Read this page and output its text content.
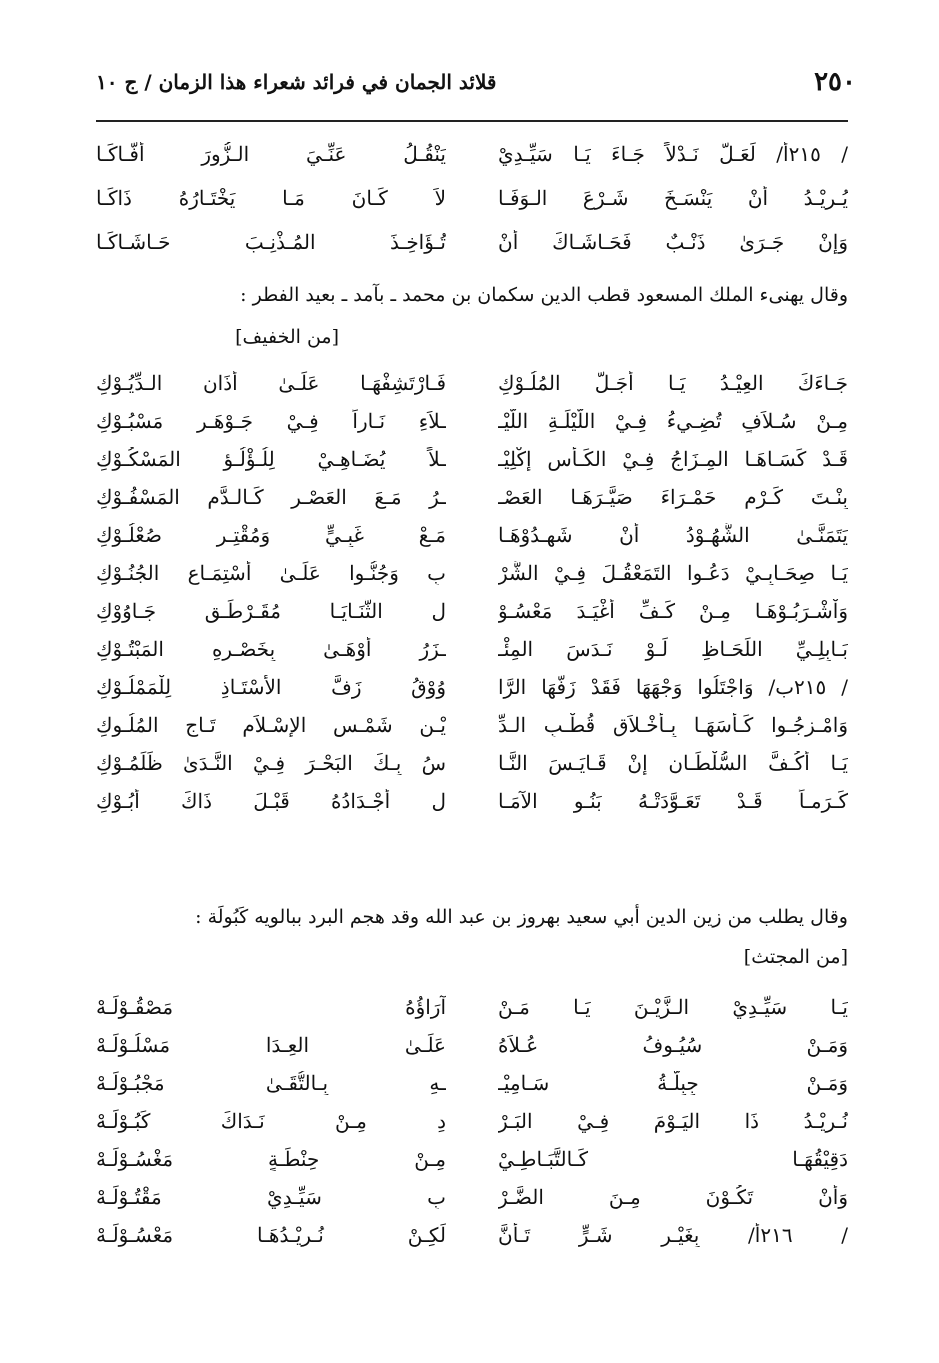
٢٥٠
قلائد الجمان في فرائد شعراء هذا الزمان / ج ١٠
/ ٢١٥أ/ لَعَـلَّ نَـدْلاً جَـاءَ يَـا سَيِّـدِيْ
يَنْقُـلُ عَنِّـيَ الـزُّورَ أَفَّـاكَـا
يُـرِيْـدُ أَنْ يَنْسَـخَ شَـرْعَ الـوَفَـا
لاَ كَـانَ مَـا يَخْتَـارُهُ ذَاكَـا
وَإِنْ جَـرَىٰ ذَنْـبٌ فَحَـاشَـاكَ أَنْ
تُـؤَاخِـذَ المُـذْنِـبَ حَـاشَـاكَـا
وقال يهنىء الملك المسعود قطب الدين سكمان بن محمد ـ بآمد ـ بعيد الفطر :
[من الخفيف]
جَـاءَكَ العِيْـدُ يَـا أَجَـلَّ المُلُـوْكِ
فَـارْتَشِفْهَـا عَلَـىٰ أَذَانِ الـدِّيُـوْكِ
مِـنْ سُـلاَفٍ تُضِـيءُ فِـيْ اللَّيْلَـةِ اللَّيْـ
ـلاَءِ نَـاراً فِـيْ جَـوْهَـرٍ مَسْبُـوْكِ
قَـدْ كَسَـاهَـا المِـزَاجُ فِـيْ الكَـأْسِ إِكْلِيْـ
ـلاً يُضَـاهِـيْ لِلُـؤْلُـؤِ المَسْكُـوْكِ
بِنْـتَ كَـرْمٍ حَمْـرَاءَ صَيَّـرَهَـا العَصْـ
ـرُ مَـعَ العَصْـرِ كَـالـدَّمِ المَسْفُـوْكِ
يَتَمَنَّـىٰ الشُّهُـوْدُ أَنْ شَهِـدُوْهَـا
مَـعْ غَبِـيٍّ وَمُقْتِـرٍ صُعْلُـوْكِ
يَـا صِحَـابِـيْ دَعُـوا التَمَعْقُـلَ فِـيْ الشُّرْ
بِ وَجُنُّـوا عَلَـىٰ أَسْتِمَـاعِ الجُنُـوْكِ
وَاْشْـرَبُـوْهَـا مِـنْ كَـفِّ أَغْيَـدَ مَعْسُـوْ
لِ الثَّنَـايَـا مُقَـرْطَـقٍ جَـاوُوْكِ
بَـابِلِـيِّ اللِّحَـاظِ لَـوْ نَـدَسَ المِئْـ
ـزَرُ أَوْهَـىٰ بِخَصْـرِهِ المَبْتُـوْكِ
/ ٢١٥ب/ وَاجْتَلُوا وَجْهَهَا فَقَدْ زَفَّهَا الرَّا
وُوْقُ زَفَّ الأُسْتَـاذِ لِلْمَمْلُـوْكِ
وَامْـزِجُـوا كَـأْسَهَـا بِـأَخْـلاَقِ قُطْـبِ الـدِّ
يْـنِ شَمْـسِ الإِسْـلاَمِ تَـاجِ المُلُـوكِ
يَـا أَكُـفَّ السُّلْطَـانِ إِنْ قَـايَـسَ النَّـا
سُ بِـكَ البَحْـرَ فِـيْ النَّـدَىٰ ظَلَمُـوْكِ
كَـرَمـاً قَـدْ تَعَـوَّدَتْـهُ بَنُـو الآمَـا
لِ أَجْـدَادُهُ قَبْـلَ ذَاكَ أَبُـوْكِ
وقال يطلب من زين الدين أبي سعيد بهروز بن عبد الله وقد هجم البرد ببالويه كَبُولَة :
[من المجتث]
يَـا سَيِّـدِيْ الـزَّيْـنَ يَـا مَـنْ
آرَاؤُهُ مَصْقُـوْلَـهْ
وَمَـنْ سُيُـوفُ عُـلاَهُ
عَلَـىٰ العِـدَا مَسْلُـوْلَـهْ
وَمَـنْ جِبِلَّـةُ سَـامِيْـ
ـهِ بِـالتُّقَـىٰ مَجْبُـوْلَـهْ
نُـرِيْـدُ ذَا اليَـوْمَ فِـيْ البَـرْ
دِ مِـنْ نَـدَاكَ كَبُـوْلَـهْ
دَقِيْقُهَـا كَـالتَّبَـاطِـيْ
مِـنْ حِنْطَـةٍ مَغْسُـوْلَـهْ
وَأَنْ تَكُـوْنَ مِـنَ الضَّـرْ
بِ سَيِّـدِيْ مَقْتُـوْلَـهْ
/ ٢١٦أ/ بِغَيْـرِ شَـرٍّ تَـأَنَّ
لَكِـنْ نُـرِيْـدُهَـا مَعْسُـوْلَـهْ
